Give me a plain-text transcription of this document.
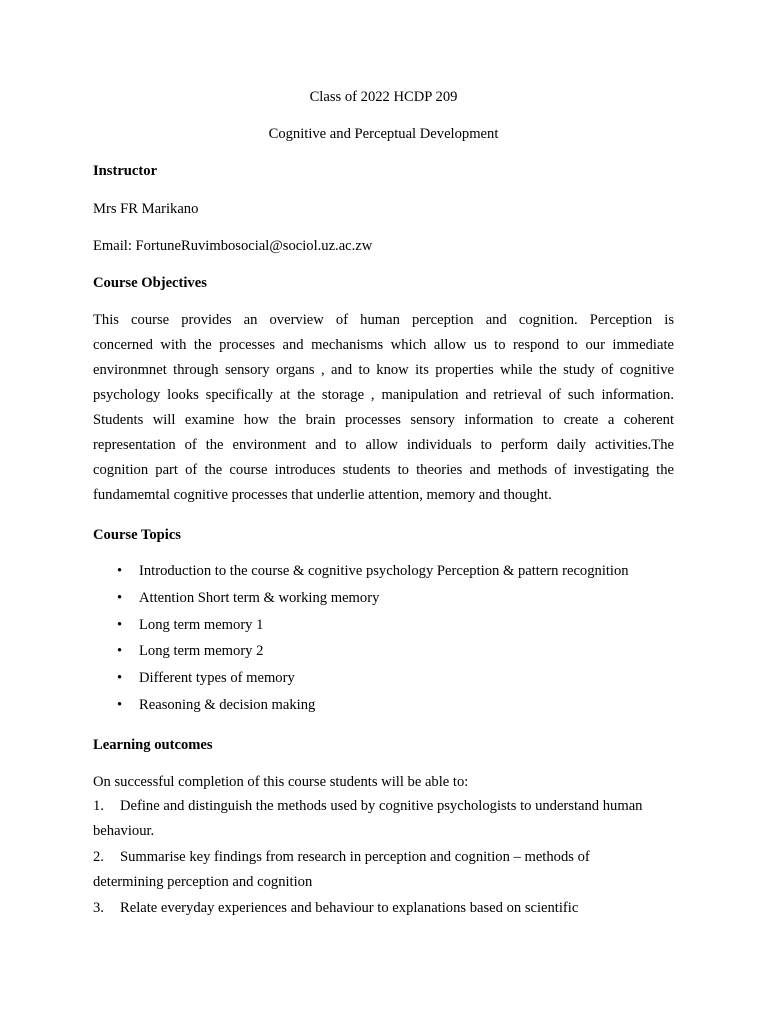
Class of 2022 HCDP 209
Cognitive and Perceptual Development
Instructor
Mrs FR Marikano
Email: FortuneRuvimbosocial@sociol.uz.ac.zw
Course Objectives
This course provides an overview of human perception and cognition. Perception is
concerned with the processes and mechanisms which allow us to respond to our immediate
environmnet through sensory organs , and to know its properties while the study of cognitive
psychology looks specifically at the storage , manipulation and retrieval of such information.
Students will examine how the brain processes sensory information to create a coherent
representation of the environment and to allow individuals to perform daily activities.The
cognition part of the course introduces students to theories and methods of investigating the
fundamemtal cognitive processes that underlie attention, memory and thought.
Course Topics
• Introduction to the course & cognitive psychology Perception & pattern recognition
• Attention Short term & working memory
• Long term memory 1
• Long term memory 2
• Different types of memory
• Reasoning & decision making
Learning outcomes
On successful completion of this course students will be able to:
1. Define and distinguish the methods used by cognitive psychologists to understand human
behaviour.
2. Summarise key findings from research in perception and cognition – methods of
determining perception and cognition
3. Relate everyday experiences and behaviour to explanations based on scientific
